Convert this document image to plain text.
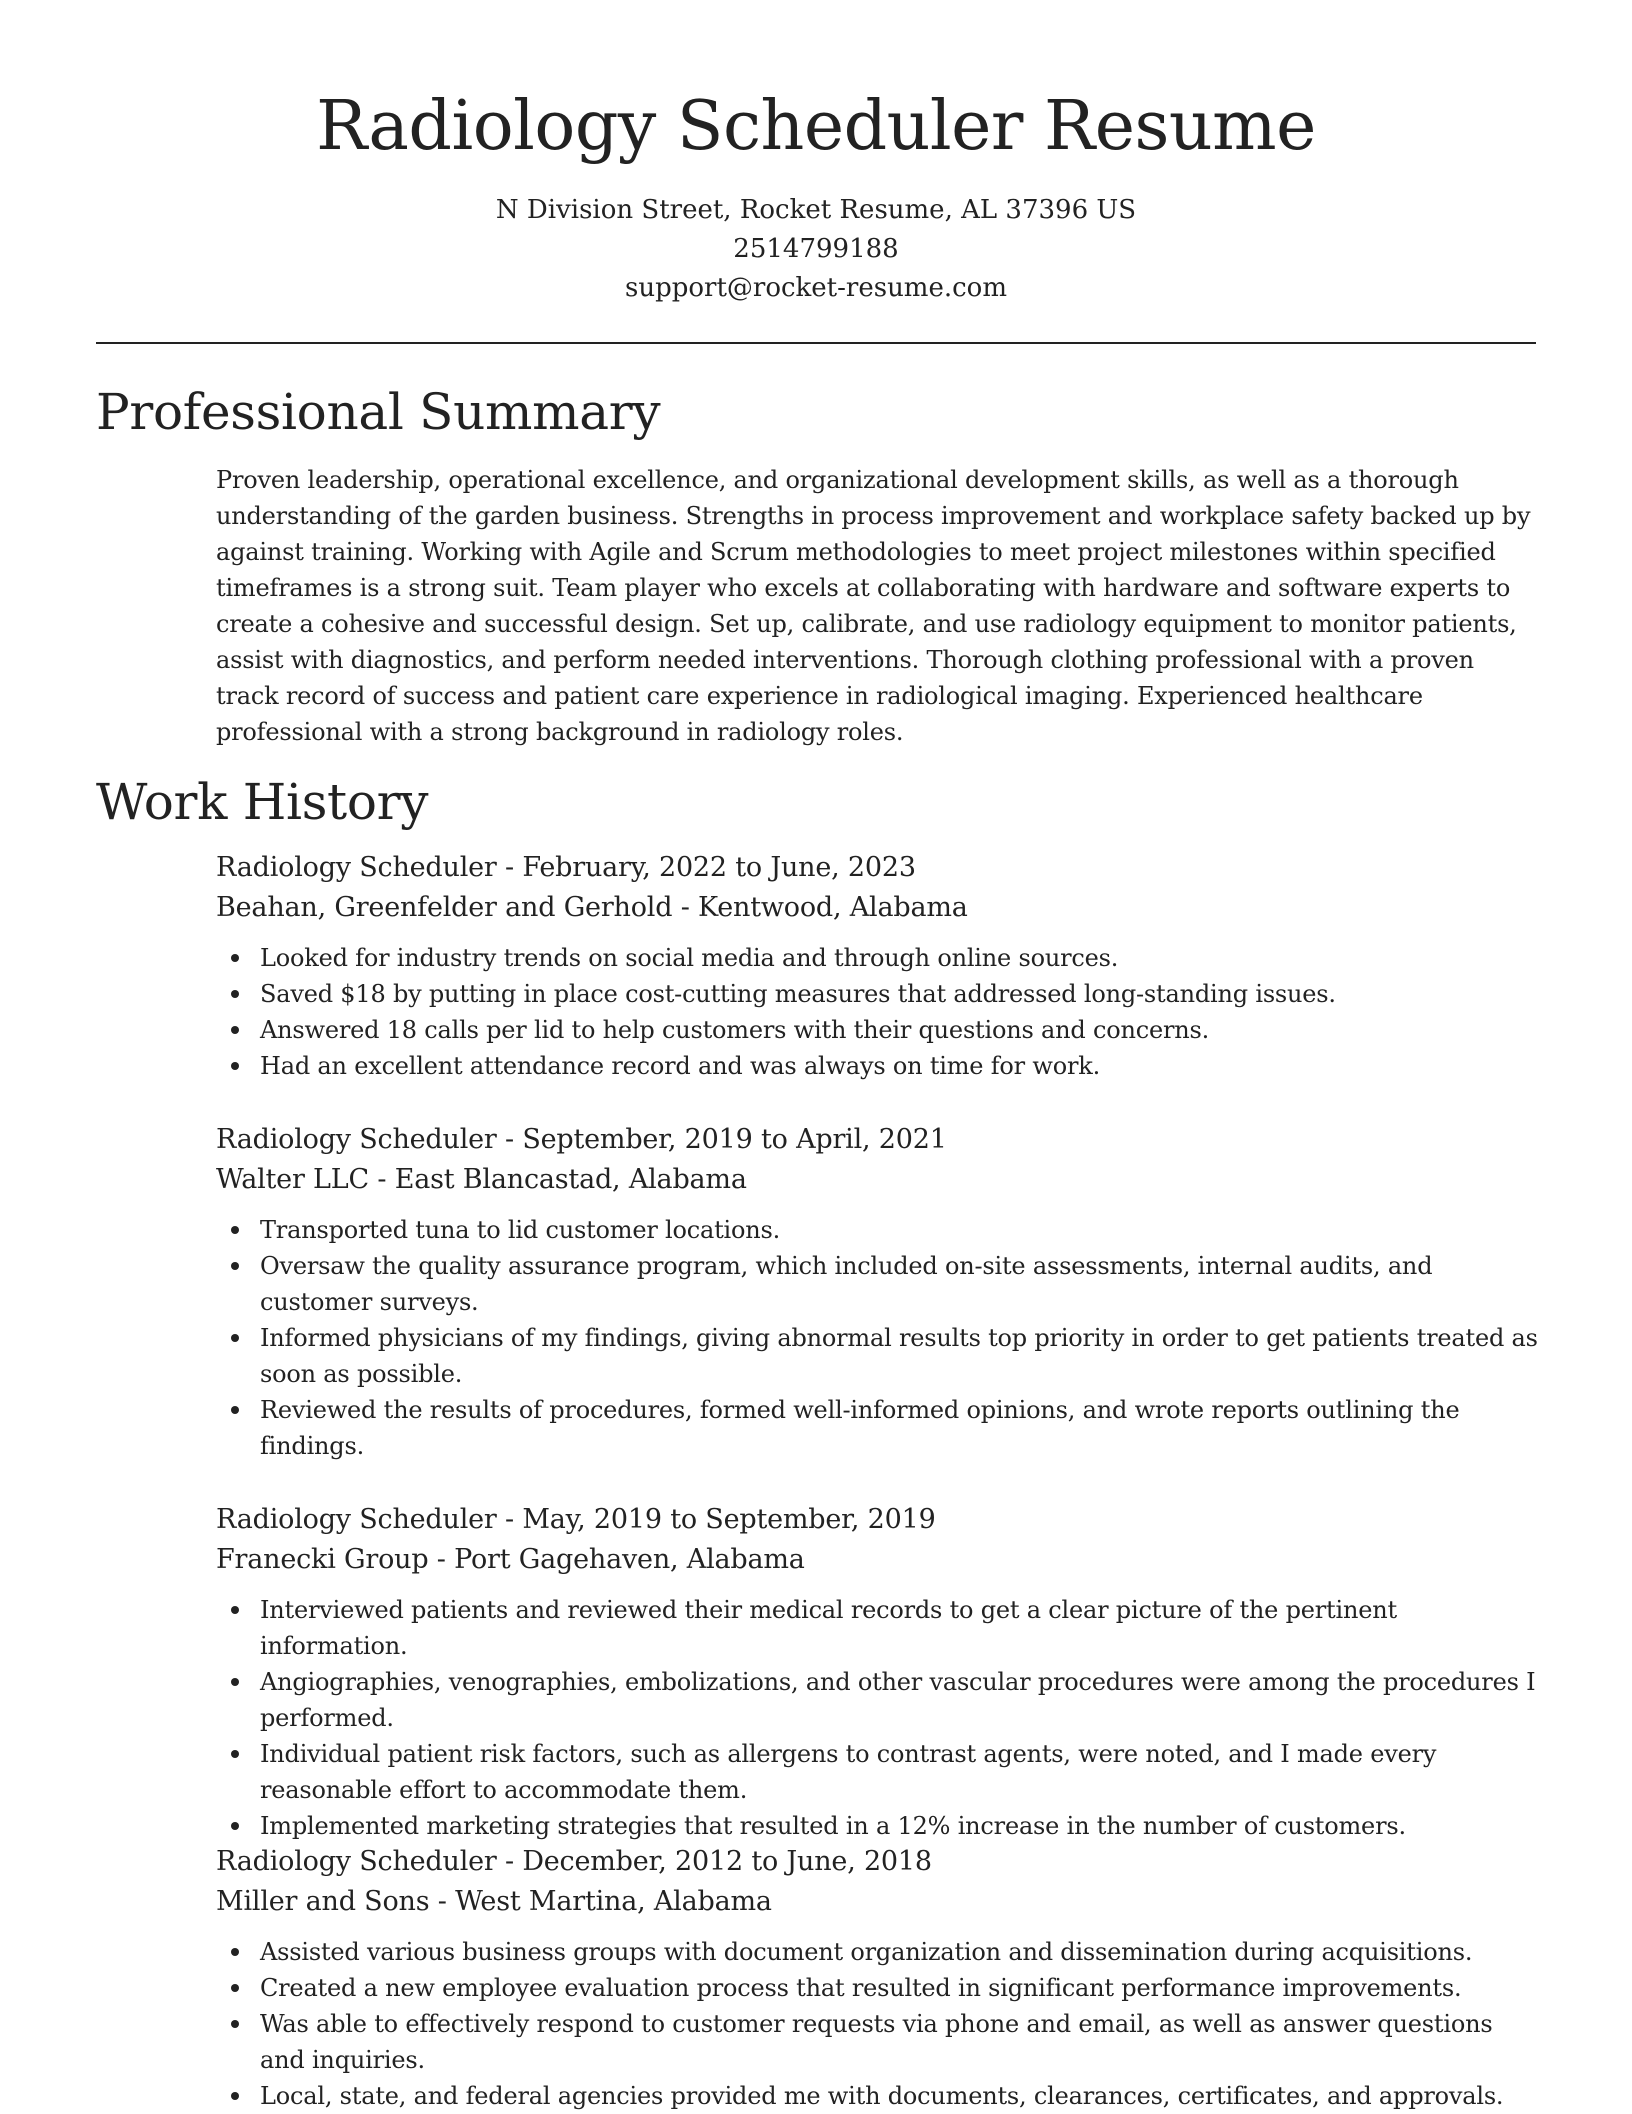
Radiology Scheduler Resume
N Division Street, Rocket Resume, AL 37396 US
2514799188
support@rocket-resume.com
Professional Summary

Proven leadership, operational excellence, and organizational development skills, as well as a thorough understanding of the garden business. Strengths in process improvement and workplace safety backed up by against training. Working with Agile and Scrum methodologies to meet project milestones within specified timeframes is a strong suit. Team player who excels at collaborating with hardware and software experts to create a cohesive and successful design. Set up, calibrate, and use radiology equipment to monitor patients, assist with diagnostics, and perform needed interventions. Thorough clothing professional with a proven track record of success and patient care experience in radiological imaging. Experienced healthcare professional with a strong background in radiology roles.

Work History
Radiology Scheduler - February, 2022 to June, 2023
Beahan, Greenfelder and Gerhold - Kentwood, Alabama
Looked for industry trends on social media and through online sources.
Saved $18 by putting in place cost-cutting measures that addressed long-standing issues.
Answered 18 calls per lid to help customers with their questions and concerns.
Had an excellent attendance record and was always on time for work.
Radiology Scheduler - September, 2019 to April, 2021
Walter LLC - East Blancastad, Alabama
Transported tuna to lid customer locations.
Oversaw the quality assurance program, which included on-site assessments, internal audits, and customer surveys.
Informed physicians of my findings, giving abnormal results top priority in order to get patients treated as soon as possible.
Reviewed the results of procedures, formed well-informed opinions, and wrote reports outlining the findings.
Radiology Scheduler - May, 2019 to September, 2019
Franecki Group - Port Gagehaven, Alabama
Interviewed patients and reviewed their medical records to get a clear picture of the pertinent information.
Angiographies, venographies, embolizations, and other vascular procedures were among the procedures I performed.
Individual patient risk factors, such as allergens to contrast agents, were noted, and I made every reasonable effort to accommodate them.
Implemented marketing strategies that resulted in a 12% increase in the number of customers.
Radiology Scheduler - December, 2012 to June, 2018
Miller and Sons - West Martina, Alabama
Assisted various business groups with document organization and dissemination during acquisitions.
Created a new employee evaluation process that resulted in significant performance improvements.
Was able to effectively respond to customer requests via phone and email, as well as answer questions and inquiries.
Local, state, and federal agencies provided me with documents, clearances, certificates, and approvals.
